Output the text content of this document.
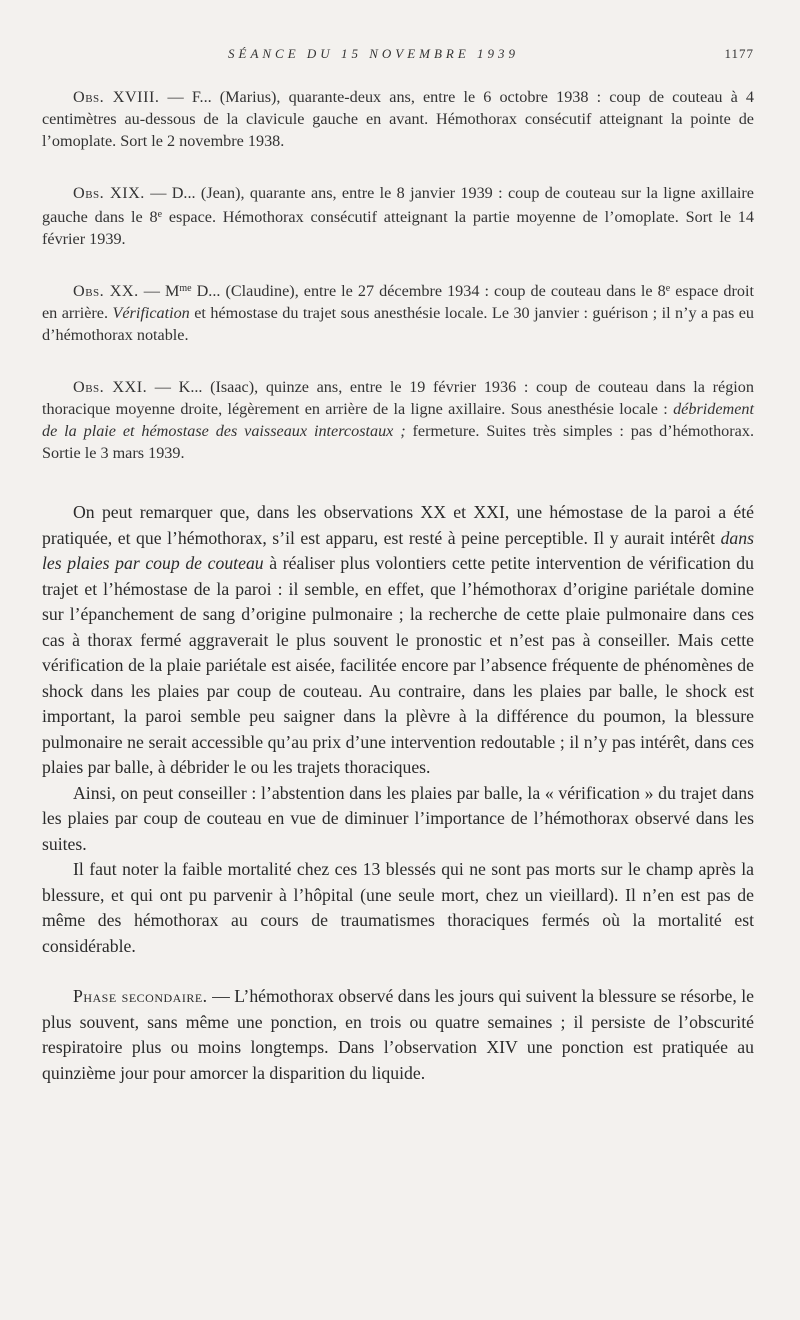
SÉANCE DU 15 NOVEMBRE 1939	1177
Obs. XVIII. — F... (Marius), quarante-deux ans, entre le 6 octobre 1938 : coup de couteau à 4 centimètres au-dessous de la clavicule gauche en avant. Hémothorax consécutif atteignant la pointe de l’omoplate. Sort le 2 novembre 1938.
Obs. XIX. — D... (Jean), quarante ans, entre le 8 janvier 1939 : coup de couteau sur la ligne axillaire gauche dans le 8e espace. Hémothorax consécutif atteignant la partie moyenne de l’omoplate. Sort le 14 février 1939.
Obs. XX. — $M^{me}$ D... (Claudine), entre le 27 décembre 1934 : coup de couteau dans le 8e espace droit en arrière. Vérification et hémostase du trajet sous anesthésie locale. Le 30 janvier : guérison ; il n’y a pas eu d’hémothorax notable.
Obs. XXI. — K... (Isaac), quinze ans, entre le 19 février 1936 : coup de couteau dans la région thoracique moyenne droite, légèrement en arrière de la ligne axillaire. Sous anesthésie locale : débridement de la plaie et hémostase des vaisseaux intercostaux ; fermeture. Suites très simples : pas d’hémothorax. Sortie le 3 mars 1939.

On peut remarquer que, dans les observations XX et XXI, une hémostase de la paroi a été pratiquée, et que l’hémothorax, s’il est apparu, est resté à peine perceptible. Il y aurait intérêt dans les plaies par coup de couteau à réaliser plus volontiers cette petite intervention de vérification du trajet et l’hémostase de la paroi : il semble, en effet, que l’hémothorax d’origine pariétale domine sur l’épanchement de sang d’origine pulmonaire ; la recherche de cette plaie pulmonaire dans ces cas à thorax fermé aggraverait le plus souvent le pronostic et n’est pas à conseiller. Mais cette vérification de la plaie pariétale est aisée, facilitée encore par l’absence fréquente de phénomènes de shock dans les plaies par coup de couteau. Au contraire, dans les plaies par balle, le shock est important, la paroi semble peu saigner dans la plèvre à la différence du poumon, la blessure pulmonaire ne serait accessible qu’au prix d’une intervention redoutable ; il n’y pas intérêt, dans ces plaies par balle, à débrider le ou les trajets thoraciques.

Ainsi, on peut conseiller : l’abstention dans les plaies par balle, la « vérification » du trajet dans les plaies par coup de couteau en vue de diminuer l’importance de l’hémothorax observé dans les suites.

Il faut noter la faible mortalité chez ces 13 blessés qui ne sont pas morts sur le champ après la blessure, et qui ont pu parvenir à l’hôpital (une seule mort, chez un vieillard). Il n’en est pas de même des hémothorax au cours de traumatismes thoraciques fermés où la mortalité est considérable.

Phase secondaire. — L’hémothorax observé dans les jours qui suivent la blessure se résorbe, le plus souvent, sans même une ponction, en trois ou quatre semaines ; il persiste de l’obscurité respiratoire plus ou moins longtemps. Dans l’observation XIV une ponction est pratiquée au quinzième jour pour amorcer la disparition du liquide.
